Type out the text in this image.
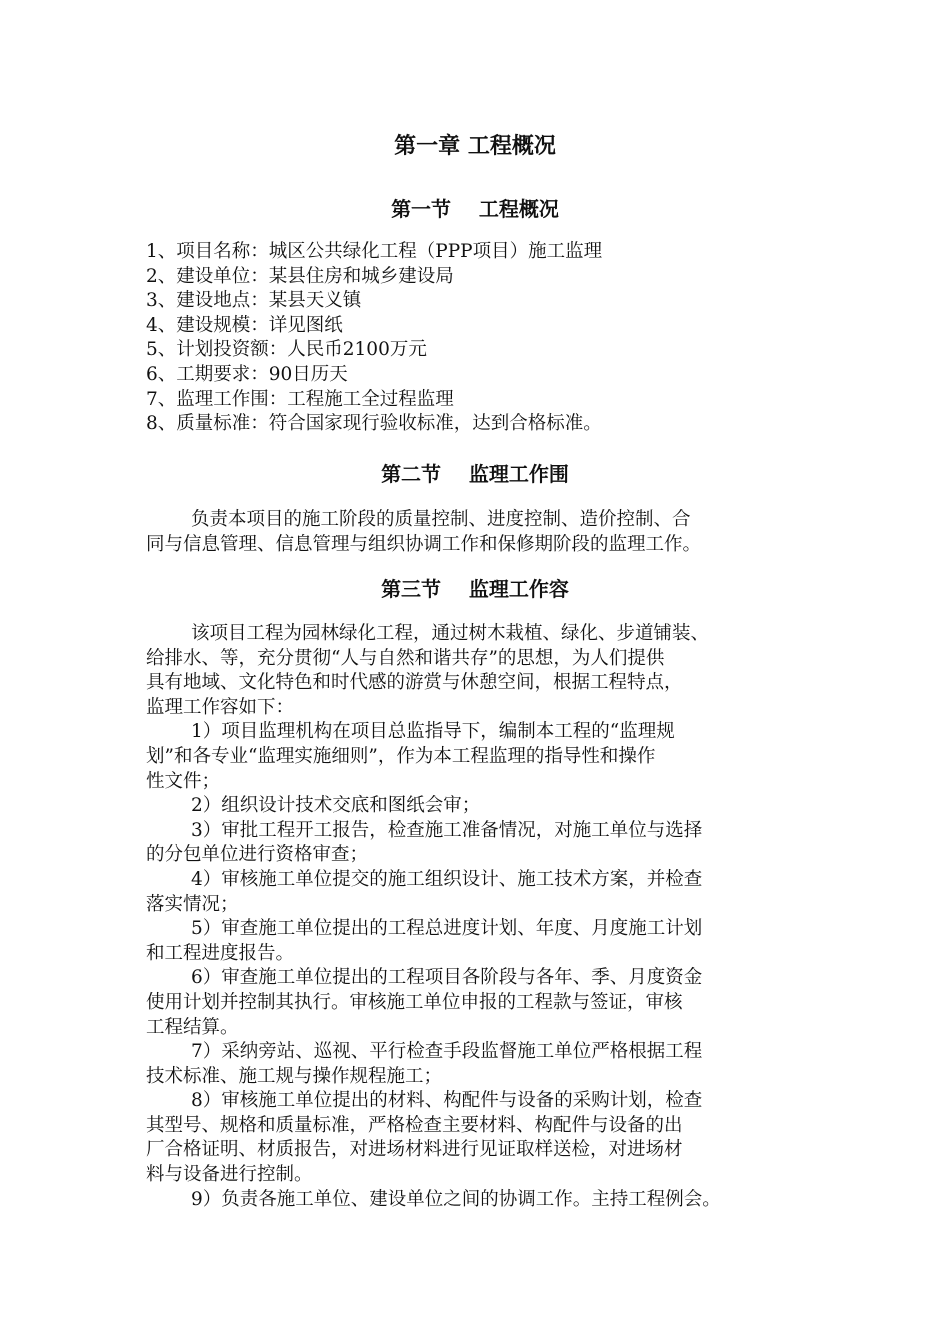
第一章 工程概况
第一节    工程概况
1、项目名称：城区公共绿化工程（PPP项目）施工监理
2、建设单位：某县住房和城乡建设局
3、建设地点：某县天义镇
4、建设规模：详见图纸
5、计划投资额：人民币2100万元
6、工期要求：90日历天
7、监理工作围：工程施工全过程监理
8、质量标准：符合国家现行验收标准，达到合格标准。
第二节    监理工作围
负责本项目的施工阶段的质量控制、进度控制、造价控制、合
同与信息管理、信息管理与组织协调工作和保修期阶段的监理工作。
第三节    监理工作容
该项目工程为园林绿化工程，通过树木栽植、绿化、步道铺装、
给排水、等，充分贯彻“人与自然和谐共存”的思想，为人们提供
具有地域、文化特色和时代感的游赏与休憩空间，根据工程特点，
监理工作容如下：
1）项目监理机构在项目总监指导下，编制本工程的“监理规
划”和各专业“监理实施细则”，作为本工程监理的指导性和操作
性文件；
2）组织设计技术交底和图纸会审；
3）审批工程开工报告，检查施工准备情况，对施工单位与选择
的分包单位进行资格审查；
4）审核施工单位提交的施工组织设计、施工技术方案，并检查
落实情况；
5）审查施工单位提出的工程总进度计划、年度、月度施工计划
和工程进度报告。
6）审查施工单位提出的工程项目各阶段与各年、季、月度资金
使用计划并控制其执行。审核施工单位申报的工程款与签证，审核
工程结算。
7）采纳旁站、巡视、平行检查手段监督施工单位严格根据工程
技术标准、施工规与操作规程施工；
8）审核施工单位提出的材料、构配件与设备的采购计划，检查
其型号、规格和质量标准，严格检查主要材料、构配件与设备的出
厂合格证明、材质报告，对进场材料进行见证取样送检，对进场材
料与设备进行控制。
9）负责各施工单位、建设单位之间的协调工作。主持工程例会。
